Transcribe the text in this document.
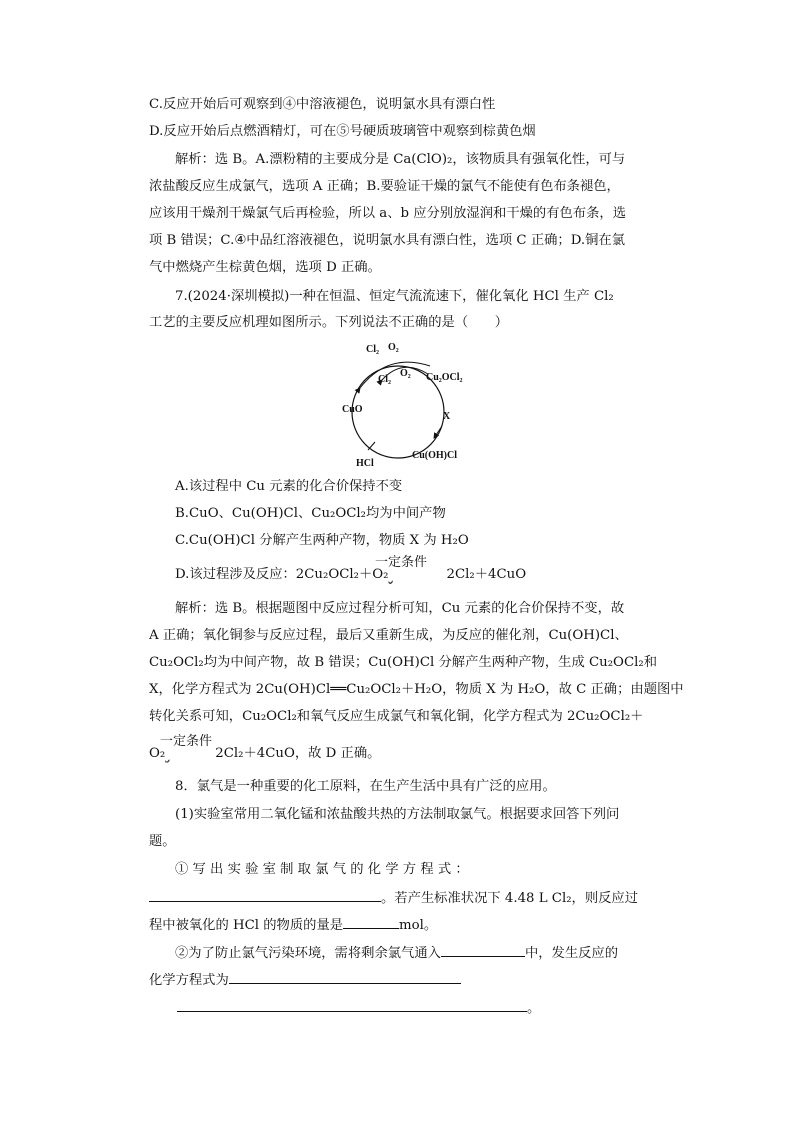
C.反应开始后可观察到④中溶液褪色，说明氯水具有漂白性
D.反应开始后点燃酒精灯，可在⑤号硬质玻璃管中观察到棕黄色烟
解析：选 B。A.漂粉精的主要成分是 Ca(ClO)₂，该物质具有强氧化性，可与
浓盐酸反应生成氯气，选项 A 正确；B.要验证干燥的氯气不能使有色布条褪色，
应该用干燥剂干燥氯气后再检验，所以 a、b 应分别放湿润和干燥的有色布条，选
项 B 错误；C.④中品红溶液褪色，说明氯水具有漂白性，选项 C 正确；D.铜在氯
气中燃烧产生棕黄色烟，选项 D 正确。
7.(2024·深圳模拟)一种在恒温、恒定气流流速下，催化氧化 HCl 生产 Cl₂
工艺的主要反应机理如图所示。下列说法不正确的是（　　）
Cl₂ O₂
Cl₂
O₂ Cu₂OCl₂
CuO
X
Cu(OH)Cl
HCl
A.该过程中 Cu 元素的化合价保持不变
B.CuO、Cu(OH)Cl、Cu₂OCl₂均为中间产物
C.Cu(OH)Cl 分解产生两种产物，物质 X 为 H₂O
一定条件
D.该过程涉及反应：2Cu₂OCl₂＋O₂	2Cl₂＋4CuO
解析：选 B。根据题图中反应过程分析可知，Cu 元素的化合价保持不变，故
A 正确；氧化铜参与反应过程，最后又重新生成，为反应的催化剂，Cu(OH)Cl、
Cu₂OCl₂均为中间产物，故 B 错误；Cu(OH)Cl 分解产生两种产物，生成 Cu₂OCl₂和
X，化学方程式为 2Cu(OH)Cl══Cu₂OCl₂＋H₂O，物质 X 为 H₂O，故 C 正确；由题图中
转化关系可知，Cu₂OCl₂和氧气反应生成氯气和氧化铜，化学方程式为 2Cu₂OCl₂＋
一定条件
O₂	2Cl₂＋4CuO，故 D 正确。
8．氯气是一种重要的化工原料，在生产生活中具有广泛的应用。
(1)实验室常用二氧化锰和浓盐酸共热的方法制取氯气。根据要求回答下列问
题。
① 写 出 实 验 室 制 取 氯 气 的 化 学 方 程 式 ：
。若产生标准状况下 4.48 L Cl₂，则反应过
程中被氧化的 HCl 的物质的量是	mol。
②为了防止氯气污染环境，需将剩余氯气通入	中，发生反应的
化学方程式为
。
